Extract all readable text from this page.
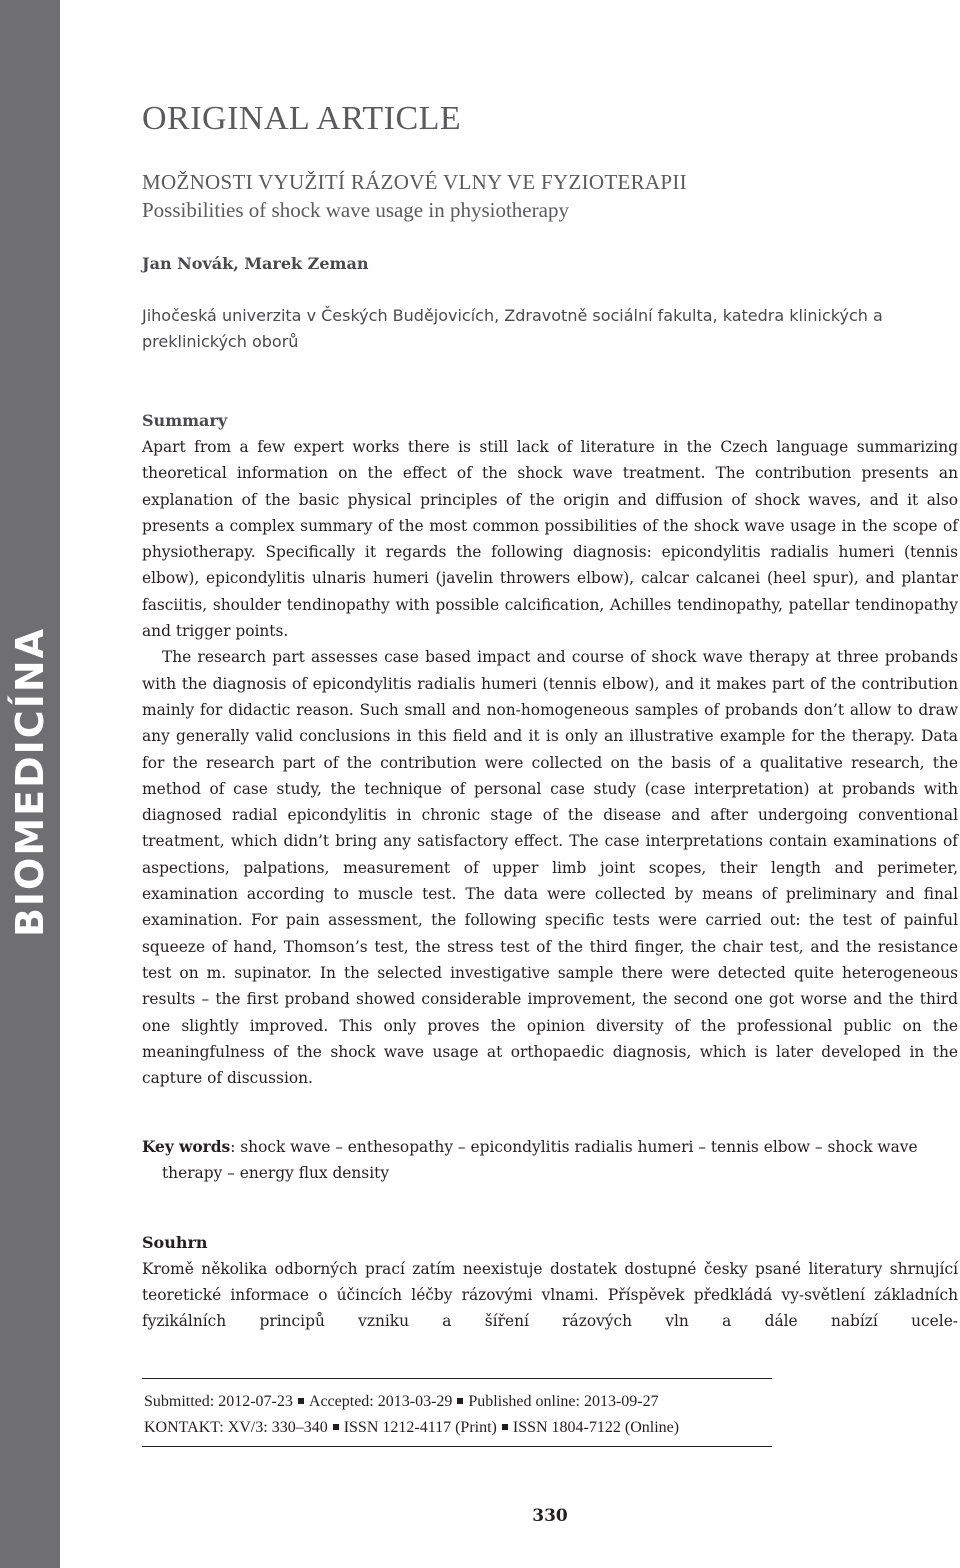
BIOMEDICÍNA
ORIGINAL ARTICLE
MOŽNOSTI VYUŽITÍ RÁZOVÉ VLNY VE FYZIOTERAPII
Possibilities of shock wave usage in physiotherapy
Jan Novák, Marek Zeman
Jihočeská univerzita v Českých Budějovicích, Zdravotně sociální fakulta, katedra klinických a preklinických oborů
Summary

Apart from a few expert works there is still lack of literature in the Czech language summarizing theoretical information on the effect of the shock wave treatment. The contribution presents an explanation of the basic physical principles of the origin and diffusion of shock waves, and it also presents a complex summary of the most common possibilities of the shock wave usage in the scope of physiotherapy. Specifically it regards the following diagnosis: epicondylitis radialis humeri (tennis elbow), epicondylitis ulnaris humeri (javelin throwers elbow), calcar calcanei (heel spur), and plantar fasciitis, shoulder tendinopathy with possible calcification, Achilles tendinopathy, patellar tendinopathy and trigger points.

The research part assesses case based impact and course of shock wave therapy at three probands with the diagnosis of epicondylitis radialis humeri (tennis elbow), and it makes part of the contribution mainly for didactic reason. Such small and non-homogeneous samples of probands don’t allow to draw any generally valid conclusions in this field and it is only an illustrative example for the therapy. Data for the research part of the contribution were collected on the basis of a qualitative research, the method of case study, the technique of personal case study (case interpretation) at probands with diagnosed radial epicondylitis in chronic stage of the disease and after undergoing conventional treatment, which didn’t bring any satisfactory effect. The case interpretations contain examinations of aspections, palpations, measurement of upper limb joint scopes, their length and perimeter, examination according to muscle test. The data were collected by means of preliminary and final examination. For pain assessment, the following specific tests were carried out: the test of painful squeeze of hand, Thomson’s test, the stress test of the third finger, the chair test, and the resistance test on m. supinator. In the selected investigative sample there were detected quite heterogeneous results – the first proband showed considerable improvement, the second one got worse and the third one slightly improved. This only proves the opinion diversity of the professional public on the meaningfulness of the shock wave usage at orthopaedic diagnosis, which is later developed in the capture of discussion.

Key words: shock wave – enthesopathy – epicondylitis radialis humeri – tennis elbow – shock wave therapy – energy flux density
Souhrn
Kromě několika odborných prací zatím neexistuje dostatek dostupné česky psané literatury shrnující teoretické informace o účincích léčby rázovými vlnami. Příspěvek předkládá vy-světlení základních fyzikálních principů vzniku a šíření rázových vln a dále nabízí ucele-
Submitted: 2012-07-23 Accepted: 2013-03-29 Published online: 2013-09-27
KONTAKT: XV/3: 330–340 ISSN 1212-4117 (Print) ISSN 1804-7122 (Online)
330
